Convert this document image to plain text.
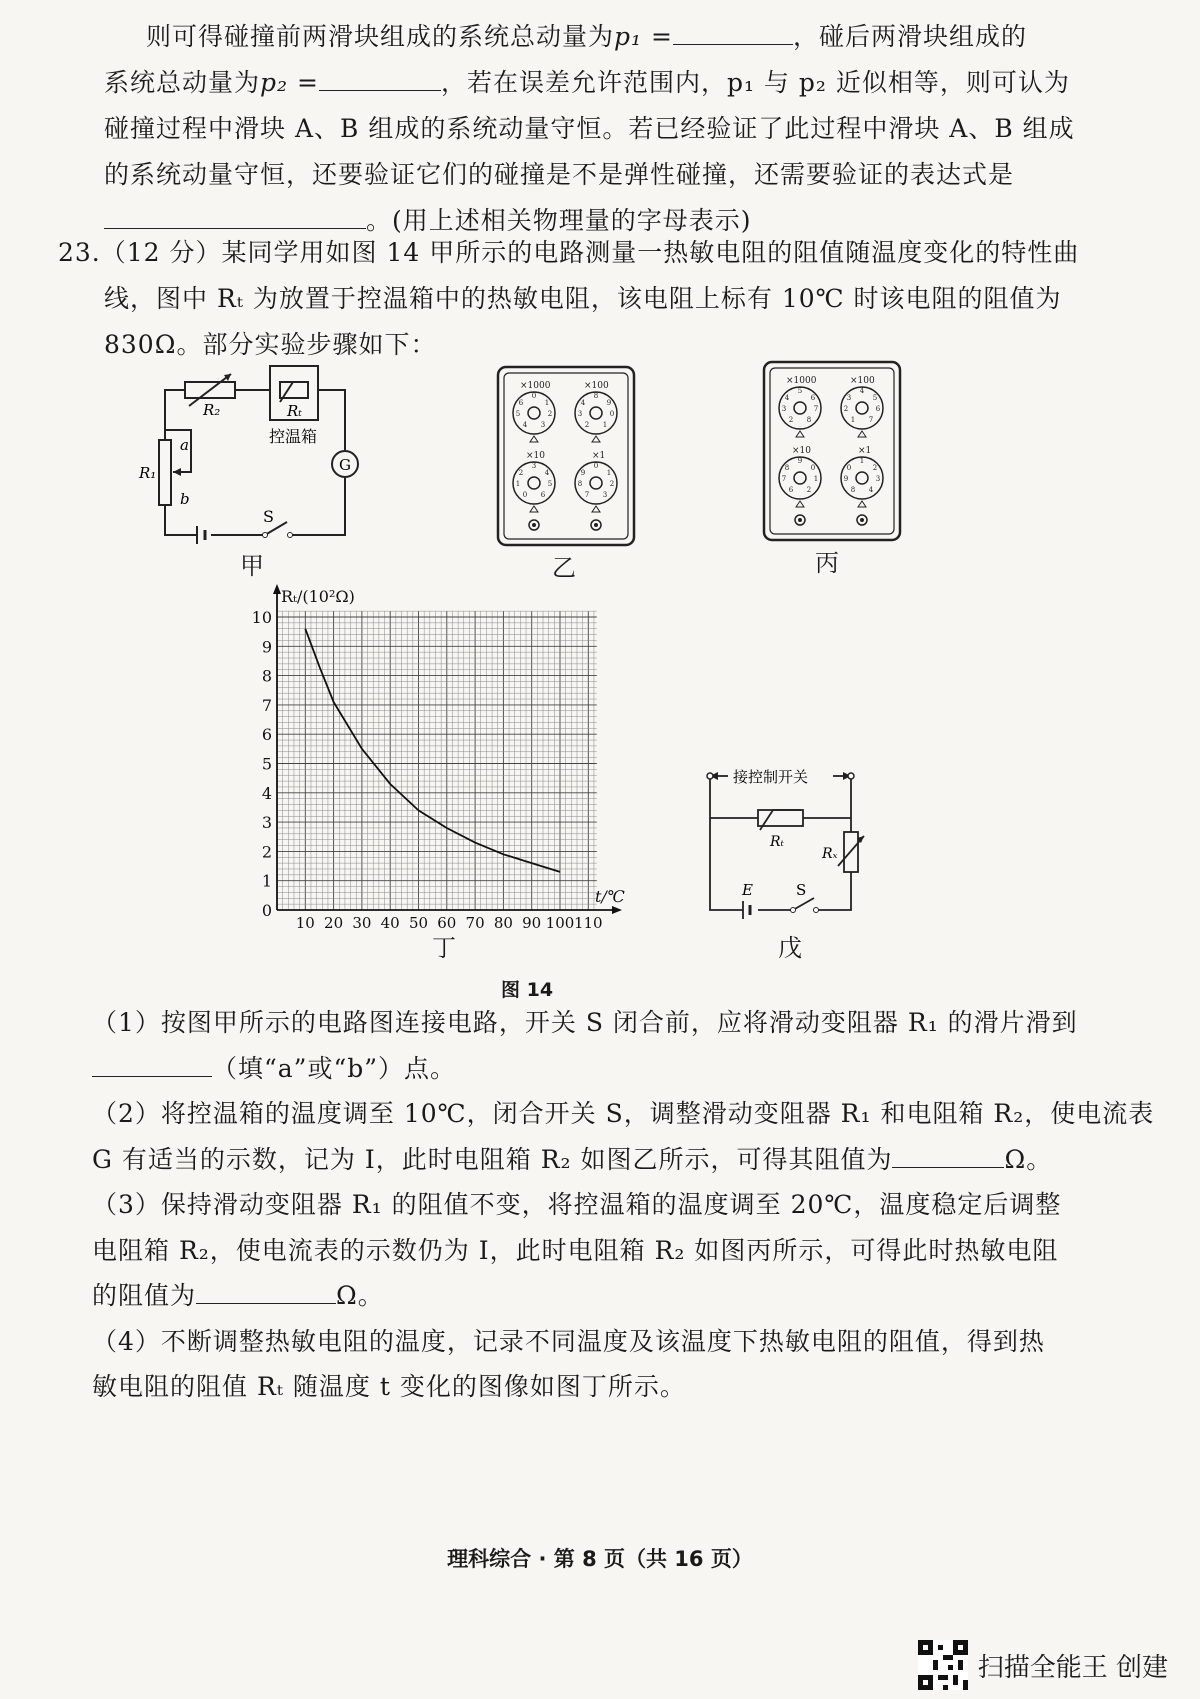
则可得碰撞前两滑块组成的系统总动量为p₁ =	，碰后两滑块组成的

系统总动量为p₂ =	，若在误差允许范围内，p₁ 与 p₂ 近似相等，则可认为

碰撞过程中滑块 A、B 组成的系统动量守恒。若已经验证了此过程中滑块 A、B 组成

的系统动量守恒，还要验证它们的碰撞是不是弹性碰撞，还需要验证的表达式是

。(用上述相关物理量的字母表示)

23.（12 分）某同学用如图 14 甲所示的电路测量一热敏电阻的阻值随温度变化的特性曲

线，图中 Rₜ 为放置于控温箱中的热敏电阻，该电阻上标有 10℃ 时该电阻的阻值为

830Ω。部分实验步骤如下：

R₂	Rₜ
控温箱
R₁
a
b
G
S
甲
×1000	×100
×10	×1
0
1
2
3
4
5
6
8
9
0
1
2
3
4
3
4
5
6
0
1
2
0
1
2
3
7
8
9
乙
×1000	×100
×10	×1
5
6
7
8
2
3
4
4
5
6
7
1
2
3
9
0
1
2
6
7
8
1
2
3
4
8
9
0
丙
0
1
2
3
4
5
6
7
8
9
10
10 20 30 40 50 60 70 80 90 100 110
Rₜ/(10²Ω)
t/℃
丁
接控制开关
Rₜ
Rₓ
E	S
戊
图 14

（1）按图甲所示的电路图连接电路，开关 S 闭合前，应将滑动变阻器 R₁ 的滑片滑到

（填“a”或“b”）点。

（2）将控温箱的温度调至 10℃，闭合开关 S，调整滑动变阻器 R₁ 和电阻箱 R₂，使电流表

G 有适当的示数，记为 I，此时电阻箱 R₂ 如图乙所示，可得其阻值为	Ω。

（3）保持滑动变阻器 R₁ 的阻值不变，将控温箱的温度调至 20℃，温度稳定后调整

电阻箱 R₂，使电流表的示数仍为 I，此时电阻箱 R₂ 如图丙所示，可得此时热敏电阻

的阻值为	Ω。

（4）不断调整热敏电阻的温度，记录不同温度及该温度下热敏电阻的阻值，得到热

敏电阻的阻值 Rₜ 随温度 t 变化的图像如图丁所示。

理科综合 · 第 8 页（共 16 页）
扫描全能王 创建
